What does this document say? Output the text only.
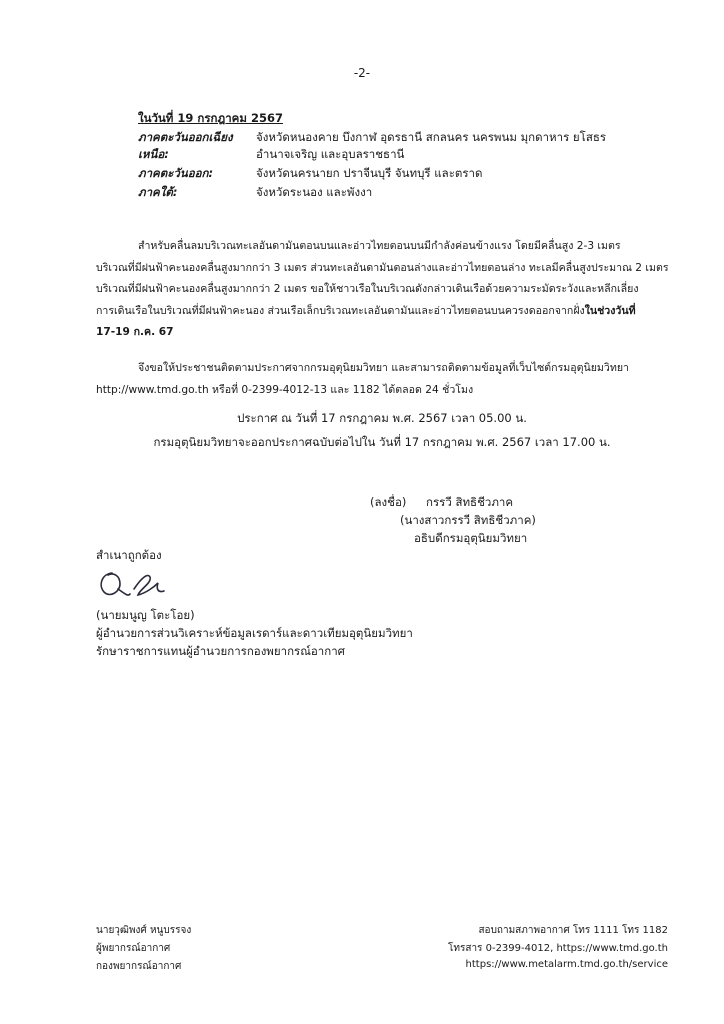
-2-
ในวันที่ 19 กรกฎาคม 2567
ภาคตะวันออกเฉียงเหนือ:จังหวัดหนองคาย บึงกาฬ อุดรธานี สกลนคร นครพนม มุกดาหาร ยโสธร
อำนาจเจริญ และอุบลราชธานี
ภาคตะวันออก:	จังหวัดนครนายก ปราจีนบุรี จันทบุรี และตราด
ภาคใต้:	จังหวัดระนอง และพังงา
สำหรับคลื่นลมบริเวณทะเลอันดามันตอนบนและอ่าวไทยตอนบนมีกำลังค่อนข้างแรง โดยมีคลื่นสูง 2-3 เมตร
บริเวณที่มีฝนฟ้าคะนองคลื่นสูงมากกว่า 3 เมตร ส่วนทะเลอันดามันตอนล่างและอ่าวไทยตอนล่าง ทะเลมีคลื่นสูงประมาณ 2 เมตร
บริเวณที่มีฝนฟ้าคะนองคลื่นสูงมากกว่า 2 เมตร ขอให้ชาวเรือในบริเวณดังกล่าวเดินเรือด้วยความระมัดระวังและหลีกเลี่ยง
การเดินเรือในบริเวณที่มีฝนฟ้าคะนอง ส่วนเรือเล็กบริเวณทะเลอันดามันและอ่าวไทยตอนบนควรงดออกจากฝั่งในช่วงวันที่
17-19 ก.ค. 67
จึงขอให้ประชาชนติดตามประกาศจากกรมอุตุนิยมวิทยา และสามารถติดตามข้อมูลที่เว็บไซต์กรมอุตุนิยมวิทยา
http://www.tmd.go.th หรือที่ 0-2399-4012-13 และ 1182 ได้ตลอด 24 ชั่วโมง
ประกาศ ณ วันที่ 17 กรกฎาคม พ.ศ. 2567 เวลา 05.00 น.
กรมอุตุนิยมวิทยาจะออกประกาศฉบับต่อไปใน วันที่ 17 กรกฎาคม พ.ศ. 2567 เวลา 17.00 น.
(ลงชื่อ) กรรวี สิทธิชีวภาค
(นางสาวกรรวี สิทธิชีวภาค)
อธิบดีกรมอุตุนิยมวิทยา
สำเนาถูกต้อง
(นายมนูญ โตะโอย)
ผู้อำนวยการส่วนวิเคราะห์ข้อมูลเรดาร์และดาวเทียมอุตุนิยมวิทยา
รักษาราชการแทนผู้อำนวยการกองพยากรณ์อากาศ
นายวุฒิพงศ์ หนูบรรจง
ผู้พยากรณ์อากาศ
กองพยากรณ์อากาศ
สอบถามสภาพอากาศ โทร 1111 โทร 1182
โทรสาร 0-2399-4012, https://www.tmd.go.th
https://www.metalarm.tmd.go.th/service
